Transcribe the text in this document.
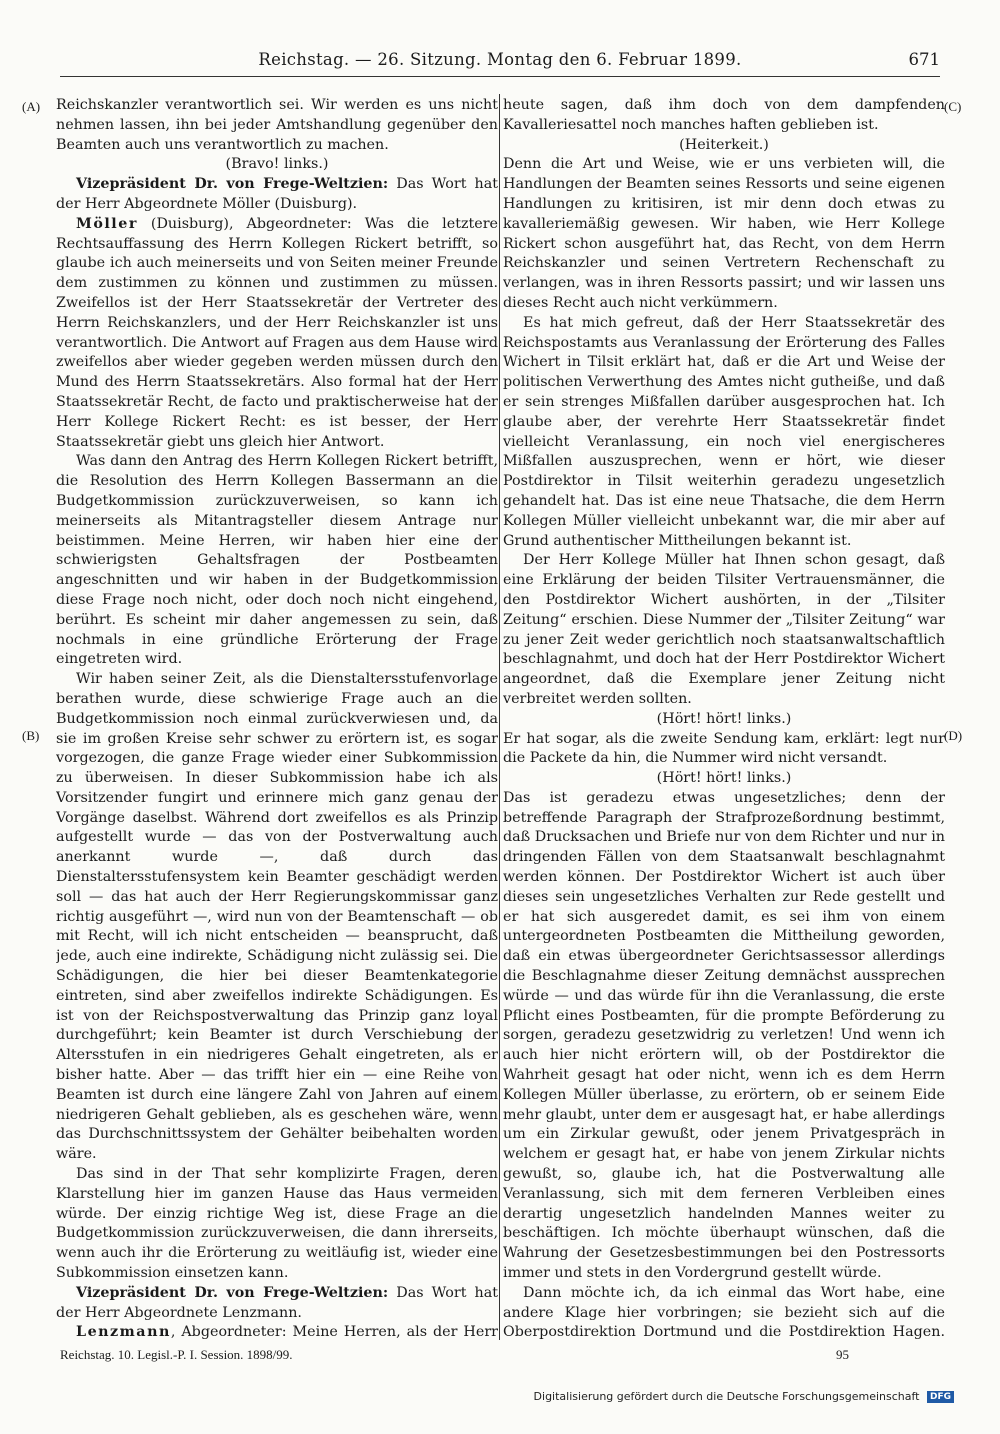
Reichstag. — 26. Sitzung. Montag den 6. Februar 1899.	671
(A)
(B)
(C)
(D)

Reichskanzler verantwortlich sei. Wir werden es uns nicht nehmen lassen, ihn bei jeder Amtshandlung gegenüber den Beamten auch uns verantwortlich zu machen.

(Bravo! links.)

Vizepräsident Dr. von Frege-Weltzien: Das Wort hat der Herr Abgeordnete Möller (Duisburg).

Möller (Duisburg), Abgeordneter: Was die letztere Rechtsauffassung des Herrn Kollegen Rickert betrifft, so glaube ich auch meinerseits und von Seiten meiner Freunde dem zustimmen zu können und zustimmen zu müssen. Zweifellos ist der Herr Staatssekretär der Vertreter des Herrn Reichskanzlers, und der Herr Reichskanzler ist uns verantwortlich. Die Antwort auf Fragen aus dem Hause wird zweifellos aber wieder gegeben werden müssen durch den Mund des Herrn Staatssekretärs. Also formal hat der Herr Staatssekretär Recht, de facto und praktischerweise hat der Herr Kollege Rickert Recht: es ist besser, der Herr Staatssekretär giebt uns gleich hier Antwort.

Was dann den Antrag des Herrn Kollegen Rickert betrifft, die Resolution des Herrn Kollegen Bassermann an die Budgetkommission zurückzuverweisen, so kann ich meinerseits als Mitantragsteller diesem Antrage nur beistimmen. Meine Herren, wir haben hier eine der schwierigsten Gehaltsfragen der Postbeamten angeschnitten und wir haben in der Budgetkommission diese Frage noch nicht, oder doch noch nicht eingehend, berührt. Es scheint mir daher angemessen zu sein, daß nochmals in eine gründliche Erörterung der Frage eingetreten wird.

Wir haben seiner Zeit, als die Dienstaltersstufenvorlage berathen wurde, diese schwierige Frage auch an die Budgetkommission noch einmal zurückverwiesen und, da sie im großen Kreise sehr schwer zu erörtern ist, es sogar vorgezogen, die ganze Frage wieder einer Subkommission zu überweisen. In dieser Subkommission habe ich als Vorsitzender fungirt und erinnere mich ganz genau der Vorgänge daselbst. Während dort zweifellos es als Prinzip aufgestellt wurde — das von der Postverwaltung auch anerkannt wurde —, daß durch das Dienstaltersstufensystem kein Beamter geschädigt werden soll — das hat auch der Herr Regierungskommissar ganz richtig ausgeführt —, wird nun von der Beamtenschaft — ob mit Recht, will ich nicht entscheiden — beansprucht, daß jede, auch eine indirekte, Schädigung nicht zulässig sei. Die Schädigungen, die hier bei dieser Beamtenkategorie eintreten, sind aber zweifellos indirekte Schädigungen. Es ist von der Reichspostverwaltung das Prinzip ganz loyal durchgeführt; kein Beamter ist durch Verschiebung der Altersstufen in ein niedrigeres Gehalt eingetreten, als er bisher hatte. Aber — das trifft hier ein — eine Reihe von Beamten ist durch eine längere Zahl von Jahren auf einem niedrigeren Gehalt geblieben, als es geschehen wäre, wenn das Durchschnittssystem der Gehälter beibehalten worden wäre.

Das sind in der That sehr komplizirte Fragen, deren Klarstellung hier im ganzen Hause das Haus vermeiden würde. Der einzig richtige Weg ist, diese Frage an die Budgetkommission zurückzuverweisen, die dann ihrerseits, wenn auch ihr die Erörterung zu weitläufig ist, wieder eine Subkommission einsetzen kann.

Vizepräsident Dr. von Frege-Weltzien: Das Wort hat der Herr Abgeordnete Lenzmann.

Lenzmann, Abgeordneter: Meine Herren, als der Herr

heute sagen, daß ihm doch von dem dampfenden Kavalleriesattel noch manches haften geblieben ist.

(Heiterkeit.)

Denn die Art und Weise, wie er uns verbieten will, die Handlungen der Beamten seines Ressorts und seine eigenen Handlungen zu kritisiren, ist mir denn doch etwas zu kavalleriemäßig gewesen. Wir haben, wie Herr Kollege Rickert schon ausgeführt hat, das Recht, von dem Herrn Reichskanzler und seinen Vertretern Rechenschaft zu verlangen, was in ihren Ressorts passirt; und wir lassen uns dieses Recht auch nicht verkümmern.

Es hat mich gefreut, daß der Herr Staatssekretär des Reichspostamts aus Veranlassung der Erörterung des Falles Wichert in Tilsit erklärt hat, daß er die Art und Weise der politischen Verwerthung des Amtes nicht gutheiße, und daß er sein strenges Mißfallen darüber ausgesprochen hat. Ich glaube aber, der verehrte Herr Staatssekretär findet vielleicht Veranlassung, ein noch viel energischeres Mißfallen auszusprechen, wenn er hört, wie dieser Postdirektor in Tilsit weiterhin geradezu ungesetzlich gehandelt hat. Das ist eine neue Thatsache, die dem Herrn Kollegen Müller vielleicht unbekannt war, die mir aber auf Grund authentischer Mittheilungen bekannt ist.

Der Herr Kollege Müller hat Ihnen schon gesagt, daß eine Erklärung der beiden Tilsiter Vertrauensmänner, die den Postdirektor Wichert aushörten, in der „Tilsiter Zeitung“ erschien. Diese Nummer der „Tilsiter Zeitung“ war zu jener Zeit weder gerichtlich noch staatsanwaltschaftlich beschlagnahmt, und doch hat der Herr Postdirektor Wichert angeordnet, daß die Exemplare jener Zeitung nicht verbreitet werden sollten.

(Hört! hört! links.)

Er hat sogar, als die zweite Sendung kam, erklärt: legt nur die Packete da hin, die Nummer wird nicht versandt.

(Hört! hört! links.)

Das ist geradezu etwas ungesetzliches; denn der betreffende Paragraph der Strafprozeßordnung bestimmt, daß Drucksachen und Briefe nur von dem Richter und nur in dringenden Fällen von dem Staatsanwalt beschlagnahmt werden können. Der Postdirektor Wichert ist auch über dieses sein ungesetzliches Verhalten zur Rede gestellt und er hat sich ausgeredet damit, es sei ihm von einem untergeordneten Postbeamten die Mittheilung geworden, daß ein etwas übergeordneter Gerichtsassessor allerdings die Beschlagnahme dieser Zeitung demnächst aussprechen würde — und das würde für ihn die Veranlassung, die erste Pflicht eines Postbeamten, für die prompte Beförderung zu sorgen, geradezu gesetzwidrig zu verletzen! Und wenn ich auch hier nicht erörtern will, ob der Postdirektor die Wahrheit gesagt hat oder nicht, wenn ich es dem Herrn Kollegen Müller überlasse, zu erörtern, ob er seinem Eide mehr glaubt, unter dem er ausgesagt hat, er habe allerdings um ein Zirkular gewußt, oder jenem Privatgespräch in welchem er gesagt hat, er habe von jenem Zirkular nichts gewußt, so, glaube ich, hat die Postverwaltung alle Veranlassung, sich mit dem ferneren Verbleiben eines derartig ungesetzlich handelnden Mannes weiter zu beschäftigen. Ich möchte überhaupt wünschen, daß die Wahrung der Gesetzesbestimmungen bei den Postressorts immer und stets in den Vordergrund gestellt würde.

Dann möchte ich, da ich einmal das Wort habe, eine andere Klage hier vorbringen; sie bezieht sich auf die Oberpostdirektion Dortmund und die Postdirektion Hagen.

Reichstag. 10. Legisl.-P. I. Session. 1898/99.	95
Digitalisierung gefördert durch die Deutsche Forschungsgemeinschaft DFG
